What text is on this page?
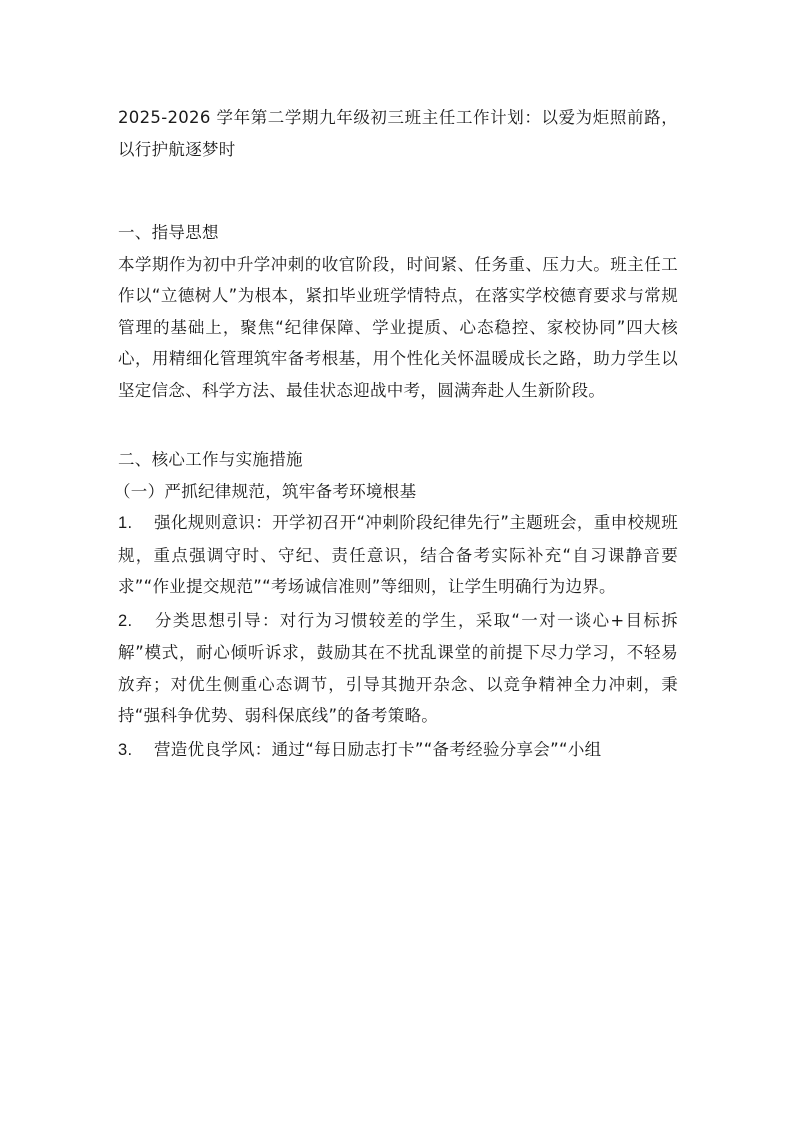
2025-2026 学年第二学期九年级初三班主任工作计划：以爱为炬照前路，以行护航逐梦时

一、指导思想

本学期作为初中升学冲刺的收官阶段，时间紧、任务重、压力大。班主任工作以“立德树人”为根本，紧扣毕业班学情特点，在落实学校德育要求与常规管理的基础上，聚焦“纪律保障、学业提质、心态稳控、家校协同”四大核心，用精细化管理筑牢备考根基，用个性化关怀温暖成长之路，助力学生以坚定信念、科学方法、最佳状态迎战中考，圆满奔赴人生新阶段。

二、核心工作与实施措施

（一）严抓纪律规范，筑牢备考环境根基

1. 强化规则意识：开学初召开“冲刺阶段纪律先行”主题班会，重申校规班规，重点强调守时、守纪、责任意识，结合备考实际补充“自习课静音要求”“作业提交规范”“考场诚信准则”等细则，让学生明确行为边界。

2. 分类思想引导：对行为习惯较差的学生，采取“一对一谈心+目标拆解”模式，耐心倾听诉求，鼓励其在不扰乱课堂的前提下尽力学习，不轻易放弃；对优生侧重心态调节，引导其抛开杂念、以竞争精神全力冲刺，秉持“强科争优势、弱科保底线”的备考策略。

3. 营造优良学风：通过“每日励志打卡”“备考经验分享会”“小组
